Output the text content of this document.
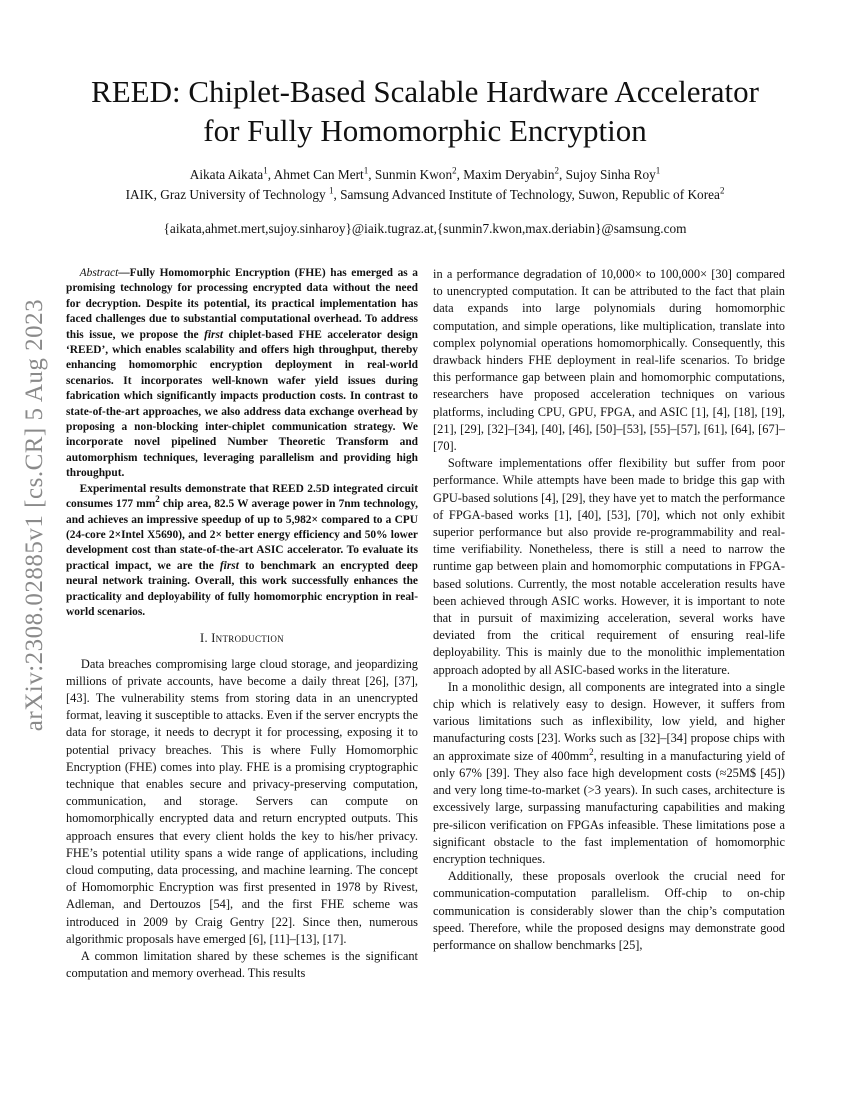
arXiv:2308.02885v1 [cs.CR] 5 Aug 2023
REED: Chiplet-Based Scalable Hardware Accelerator for Fully Homomorphic Encryption
Aikata Aikata$^1$, Ahmet Can Mert$^1$, Sunmin Kwon$^2$, Maxim Deryabin$^2$, Sujoy Sinha Roy$^1$
IAIK, Graz University of Technology $^1$, Samsung Advanced Institute of Technology, Suwon, Republic of Korea$^2$
{aikata,ahmet.mert,sujoy.sinharoy}@iaik.tugraz.at,{sunmin7.kwon,max.deriabin}@samsung.com

Abstract—Fully Homomorphic Encryption (FHE) has emerged as a promising technology for processing encrypted data without the need for decryption. Despite its potential, its practical implementation has faced challenges due to substantial computational overhead. To address this issue, we propose the first chiplet-based FHE accelerator design ‘REED’, which enables scalability and offers high throughput, thereby enhancing homomorphic encryption deployment in real-world scenarios. It incorporates well-known wafer yield issues during fabrication which significantly impacts production costs. In contrast to state-of-the-art approaches, we also address data exchange overhead by proposing a non-blocking inter-chiplet communication strategy. We incorporate novel pipelined Number Theoretic Transform and automorphism techniques, leveraging parallelism and providing high throughput.

Experimental results demonstrate that REED 2.5D integrated circuit consumes 177 $mm^2$ chip area, 82.5 W average power in 7nm technology, and achieves an impressive speedup of up to 5,982× compared to a CPU (24-core 2×Intel X5690), and 2× better energy efficiency and 50% lower development cost than state-of-the-art ASIC accelerator. To evaluate its practical impact, we are the first to benchmark an encrypted deep neural network training. Overall, this work successfully enhances the practicality and deployability of fully homomorphic encryption in real-world scenarios.

I. Introduction

Data breaches compromising large cloud storage, and jeopardizing millions of private accounts, have become a daily threat [26], [37], [43]. The vulnerability stems from storing data in an unencrypted format, leaving it susceptible to attacks. Even if the server encrypts the data for storage, it needs to decrypt it for processing, exposing it to potential privacy breaches. This is where Fully Homomorphic Encryption (FHE) comes into play. FHE is a promising cryptographic technique that enables secure and privacy-preserving computation, communication, and storage. Servers can compute on homomorphically encrypted data and return encrypted outputs. This approach ensures that every client holds the key to his/her privacy. FHE’s potential utility spans a wide range of applications, including cloud computing, data processing, and machine learning. The concept of Homomorphic Encryption was first presented in 1978 by Rivest, Adleman, and Dertouzos [54], and the first FHE scheme was introduced in 2009 by Craig Gentry [22]. Since then, numerous algorithmic proposals have emerged [6], [11]–[13], [17].

A common limitation shared by these schemes is the significant computation and memory overhead. This results

in a performance degradation of 10,000× to 100,000× [30] compared to unencrypted computation. It can be attributed to the fact that plain data expands into large polynomials during homomorphic computation, and simple operations, like multiplication, translate into complex polynomial operations homomorphically. Consequently, this drawback hinders FHE deployment in real-life scenarios. To bridge this performance gap between plain and homomorphic computations, researchers have proposed acceleration techniques on various platforms, including CPU, GPU, FPGA, and ASIC [1], [4], [18], [19], [21], [29], [32]–[34], [40], [46], [50]–[53], [55]–[57], [61], [64], [67]–[70].

Software implementations offer flexibility but suffer from poor performance. While attempts have been made to bridge this gap with GPU-based solutions [4], [29], they have yet to match the performance of FPGA-based works [1], [40], [53], [70], which not only exhibit superior performance but also provide re-programmability and real-time verifiability. Nonetheless, there is still a need to narrow the runtime gap between plain and homomorphic computations in FPGA-based solutions. Currently, the most notable acceleration results have been achieved through ASIC works. However, it is important to note that in pursuit of maximizing acceleration, several works have deviated from the critical requirement of ensuring real-life deployability. This is mainly due to the monolithic implementation approach adopted by all ASIC-based works in the literature.

In a monolithic design, all components are integrated into a single chip which is relatively easy to design. However, it suffers from various limitations such as inflexibility, low yield, and higher manufacturing costs [23]. Works such as [32]–[34] propose chips with an approximate size of $400mm^2$, resulting in a manufacturing yield of only 67% [39]. They also face high development costs (≈25M$ [45]) and very long time-to-market (>3 years). In such cases, architecture is excessively large, surpassing manufacturing capabilities and making pre-silicon verification on FPGAs infeasible. These limitations pose a significant obstacle to the fast implementation of homomorphic encryption techniques.

Additionally, these proposals overlook the crucial need for communication-computation parallelism. Off-chip to on-chip communication is considerably slower than the chip’s computation speed. Therefore, while the proposed designs may demonstrate good performance on shallow benchmarks [25],
